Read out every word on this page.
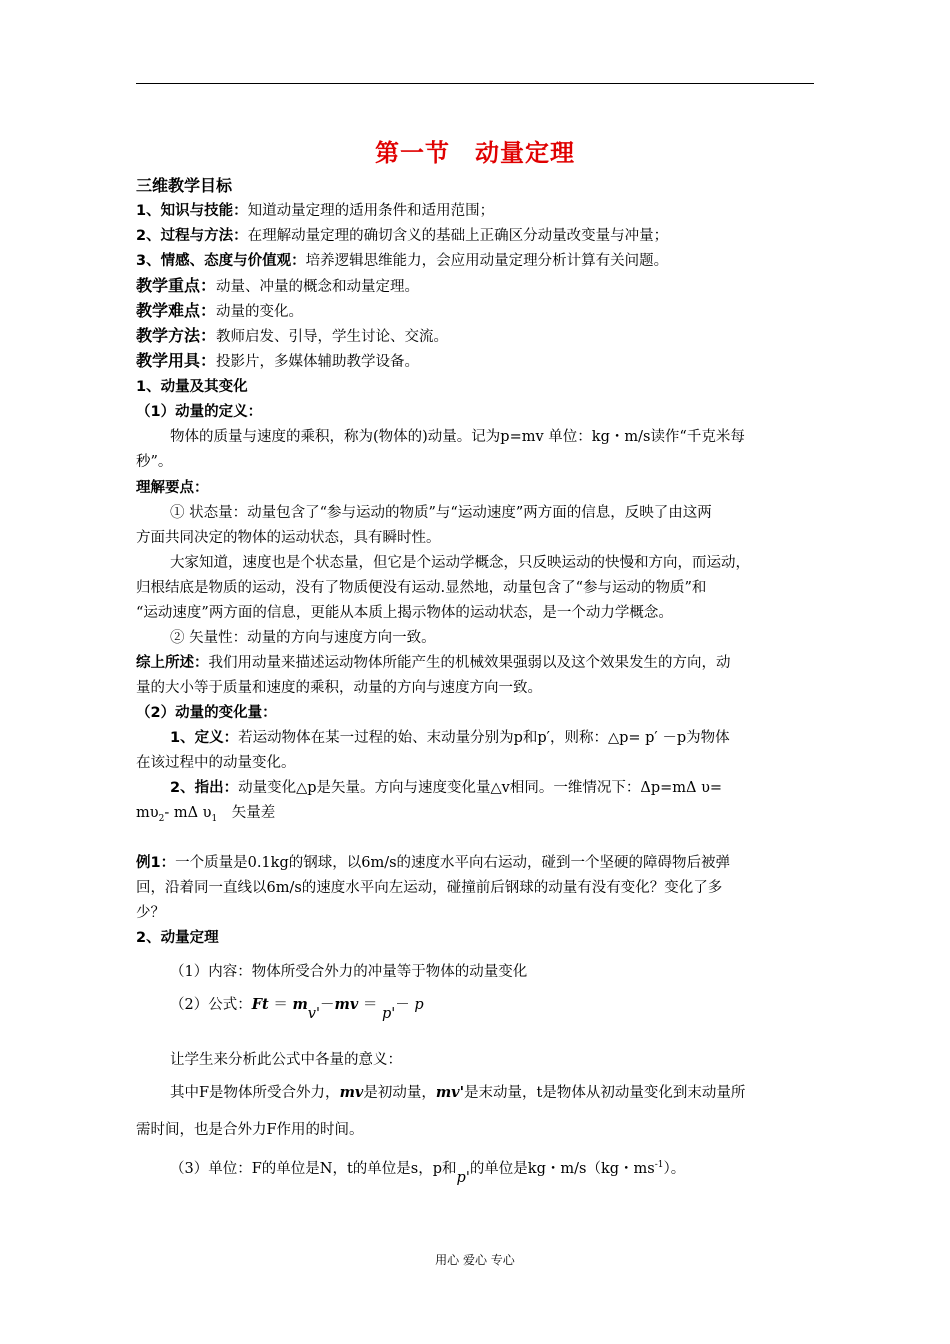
第一节　动量定理
三维教学目标
1、知识与技能：知道动量定理的适用条件和适用范围；
2、过程与方法：在理解动量定理的确切含义的基础上正确区分动量改变量与冲量；
3、情感、态度与价值观：培养逻辑思维能力，会应用动量定理分析计算有关问题。
教学重点：动量、冲量的概念和动量定理。
教学难点：动量的变化。
教学方法：教师启发、引导，学生讨论、交流。
教学用具：投影片，多媒体辅助教学设备。
1、动量及其变化
（1）动量的定义：
物体的质量与速度的乘积，称为(物体的)动量。记为p=mv 单位：kg・m/s读作“千克米每
秒”。
理解要点：
① 状态量：动量包含了“参与运动的物质”与“运动速度”两方面的信息，反映了由这两
方面共同决定的物体的运动状态，具有瞬时性。
大家知道，速度也是个状态量，但它是个运动学概念，只反映运动的快慢和方向，而运动，
归根结底是物质的运动，没有了物质便没有运动.显然地，动量包含了“参与运动的物质”和
“运动速度”两方面的信息，更能从本质上揭示物体的运动状态，是一个动力学概念。
② 矢量性：动量的方向与速度方向一致。
综上所述：我们用动量来描述运动物体所能产生的机械效果强弱以及这个效果发生的方向，动
量的大小等于质量和速度的乘积，动量的方向与速度方向一致。
（2）动量的变化量：
1、定义：若运动物体在某一过程的始、末动量分别为p和p′，则称：△p= p′ －p为物体
在该过程中的动量变化。
2、指出：动量变化△p是矢量。方向与速度变化量△v相同。一维情况下：Δp=mΔ υ=
$m\upsilon_2-$ mΔ $\upsilon_1$　矢量差
例1：一个质量是0.1kg的钢球，以6m/s的速度水平向右运动，碰到一个坚硬的障碍物后被弹
回，沿着同一直线以6m/s的速度水平向左运动，碰撞前后钢球的动量有没有变化？变化了多
少？
2、动量定理
（1）内容：物体所受合外力的冲量等于物体的动量变化
（2）公式：Ft ＝ mv'－mv ＝ p'－ p
让学生来分析此公式中各量的意义：
其中F是物体所受合外力，mv是初动量，mv'是末动量，t是物体从初动量变化到末动量所
需时间，也是合外力F作用的时间。
（3）单位：F的单位是N，t的单位是s，p和p'的单位是kg・m/s（kg・$ms^{-1}$）。
用心 爱心 专心
